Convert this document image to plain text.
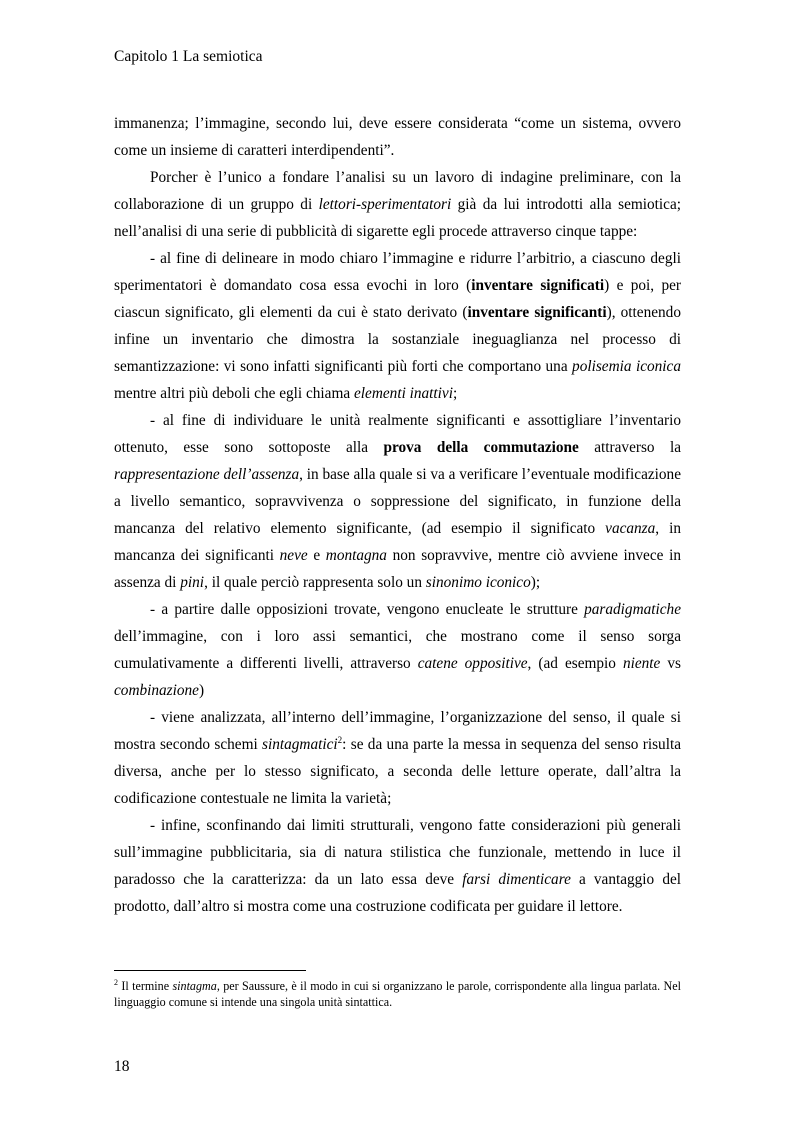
Capitolo 1 La semiotica

immanenza; l’immagine, secondo lui, deve essere considerata “come un sistema, ovvero come un insieme di caratteri interdipendenti”.

Porcher è l’unico a fondare l’analisi su un lavoro di indagine preliminare, con la collaborazione di un gruppo di lettori-sperimentatori già da lui introdotti alla semiotica; nell’analisi di una serie di pubblicità di sigarette egli procede attraverso cinque tappe:

- al fine di delineare in modo chiaro l’immagine e ridurre l’arbitrio, a ciascuno degli sperimentatori è domandato cosa essa evochi in loro (inventare significati) e poi, per ciascun significato, gli elementi da cui è stato derivato (inventare significanti), ottenendo infine un inventario che dimostra la sostanziale ineguaglianza nel processo di semantizzazione: vi sono infatti significanti più forti che comportano una polisemia iconica mentre altri più deboli che egli chiama elementi inattivi;

- al fine di individuare le unità realmente significanti e assottigliare l’inventario ottenuto, esse sono sottoposte alla prova della commutazione attraverso la rappresentazione dell’assenza, in base alla quale si va a verificare l’eventuale modificazione a livello semantico, sopravvivenza o soppressione del significato, in funzione della mancanza del relativo elemento significante, (ad esempio il significato vacanza, in mancanza dei significanti neve e montagna non sopravvive, mentre ciò avviene invece in assenza di pini, il quale perciò rappresenta solo un sinonimo iconico);

- a partire dalle opposizioni trovate, vengono enucleate le strutture paradigmatiche dell’immagine, con i loro assi semantici, che mostrano come il senso sorga cumulativamente a differenti livelli, attraverso catene oppositive, (ad esempio niente vs combinazione)

- viene analizzata, all’interno dell’immagine, l’organizzazione del senso, il quale si mostra secondo schemi sintagmatici$^2$: se da una parte la messa in sequenza del senso risulta diversa, anche per lo stesso significato, a seconda delle letture operate, dall’altra la codificazione contestuale ne limita la varietà;

- infine, sconfinando dai limiti strutturali, vengono fatte considerazioni più generali sull’immagine pubblicitaria, sia di natura stilistica che funzionale, mettendo in luce il paradosso che la caratterizza: da un lato essa deve farsi dimenticare a vantaggio del prodotto, dall’altro si mostra come una costruzione codificata per guidare il lettore.

$^2$ Il termine sintagma, per Saussure, è il modo in cui si organizzano le parole, corrispondente alla lingua parlata. Nel linguaggio comune si intende una singola unità sintattica.
18
